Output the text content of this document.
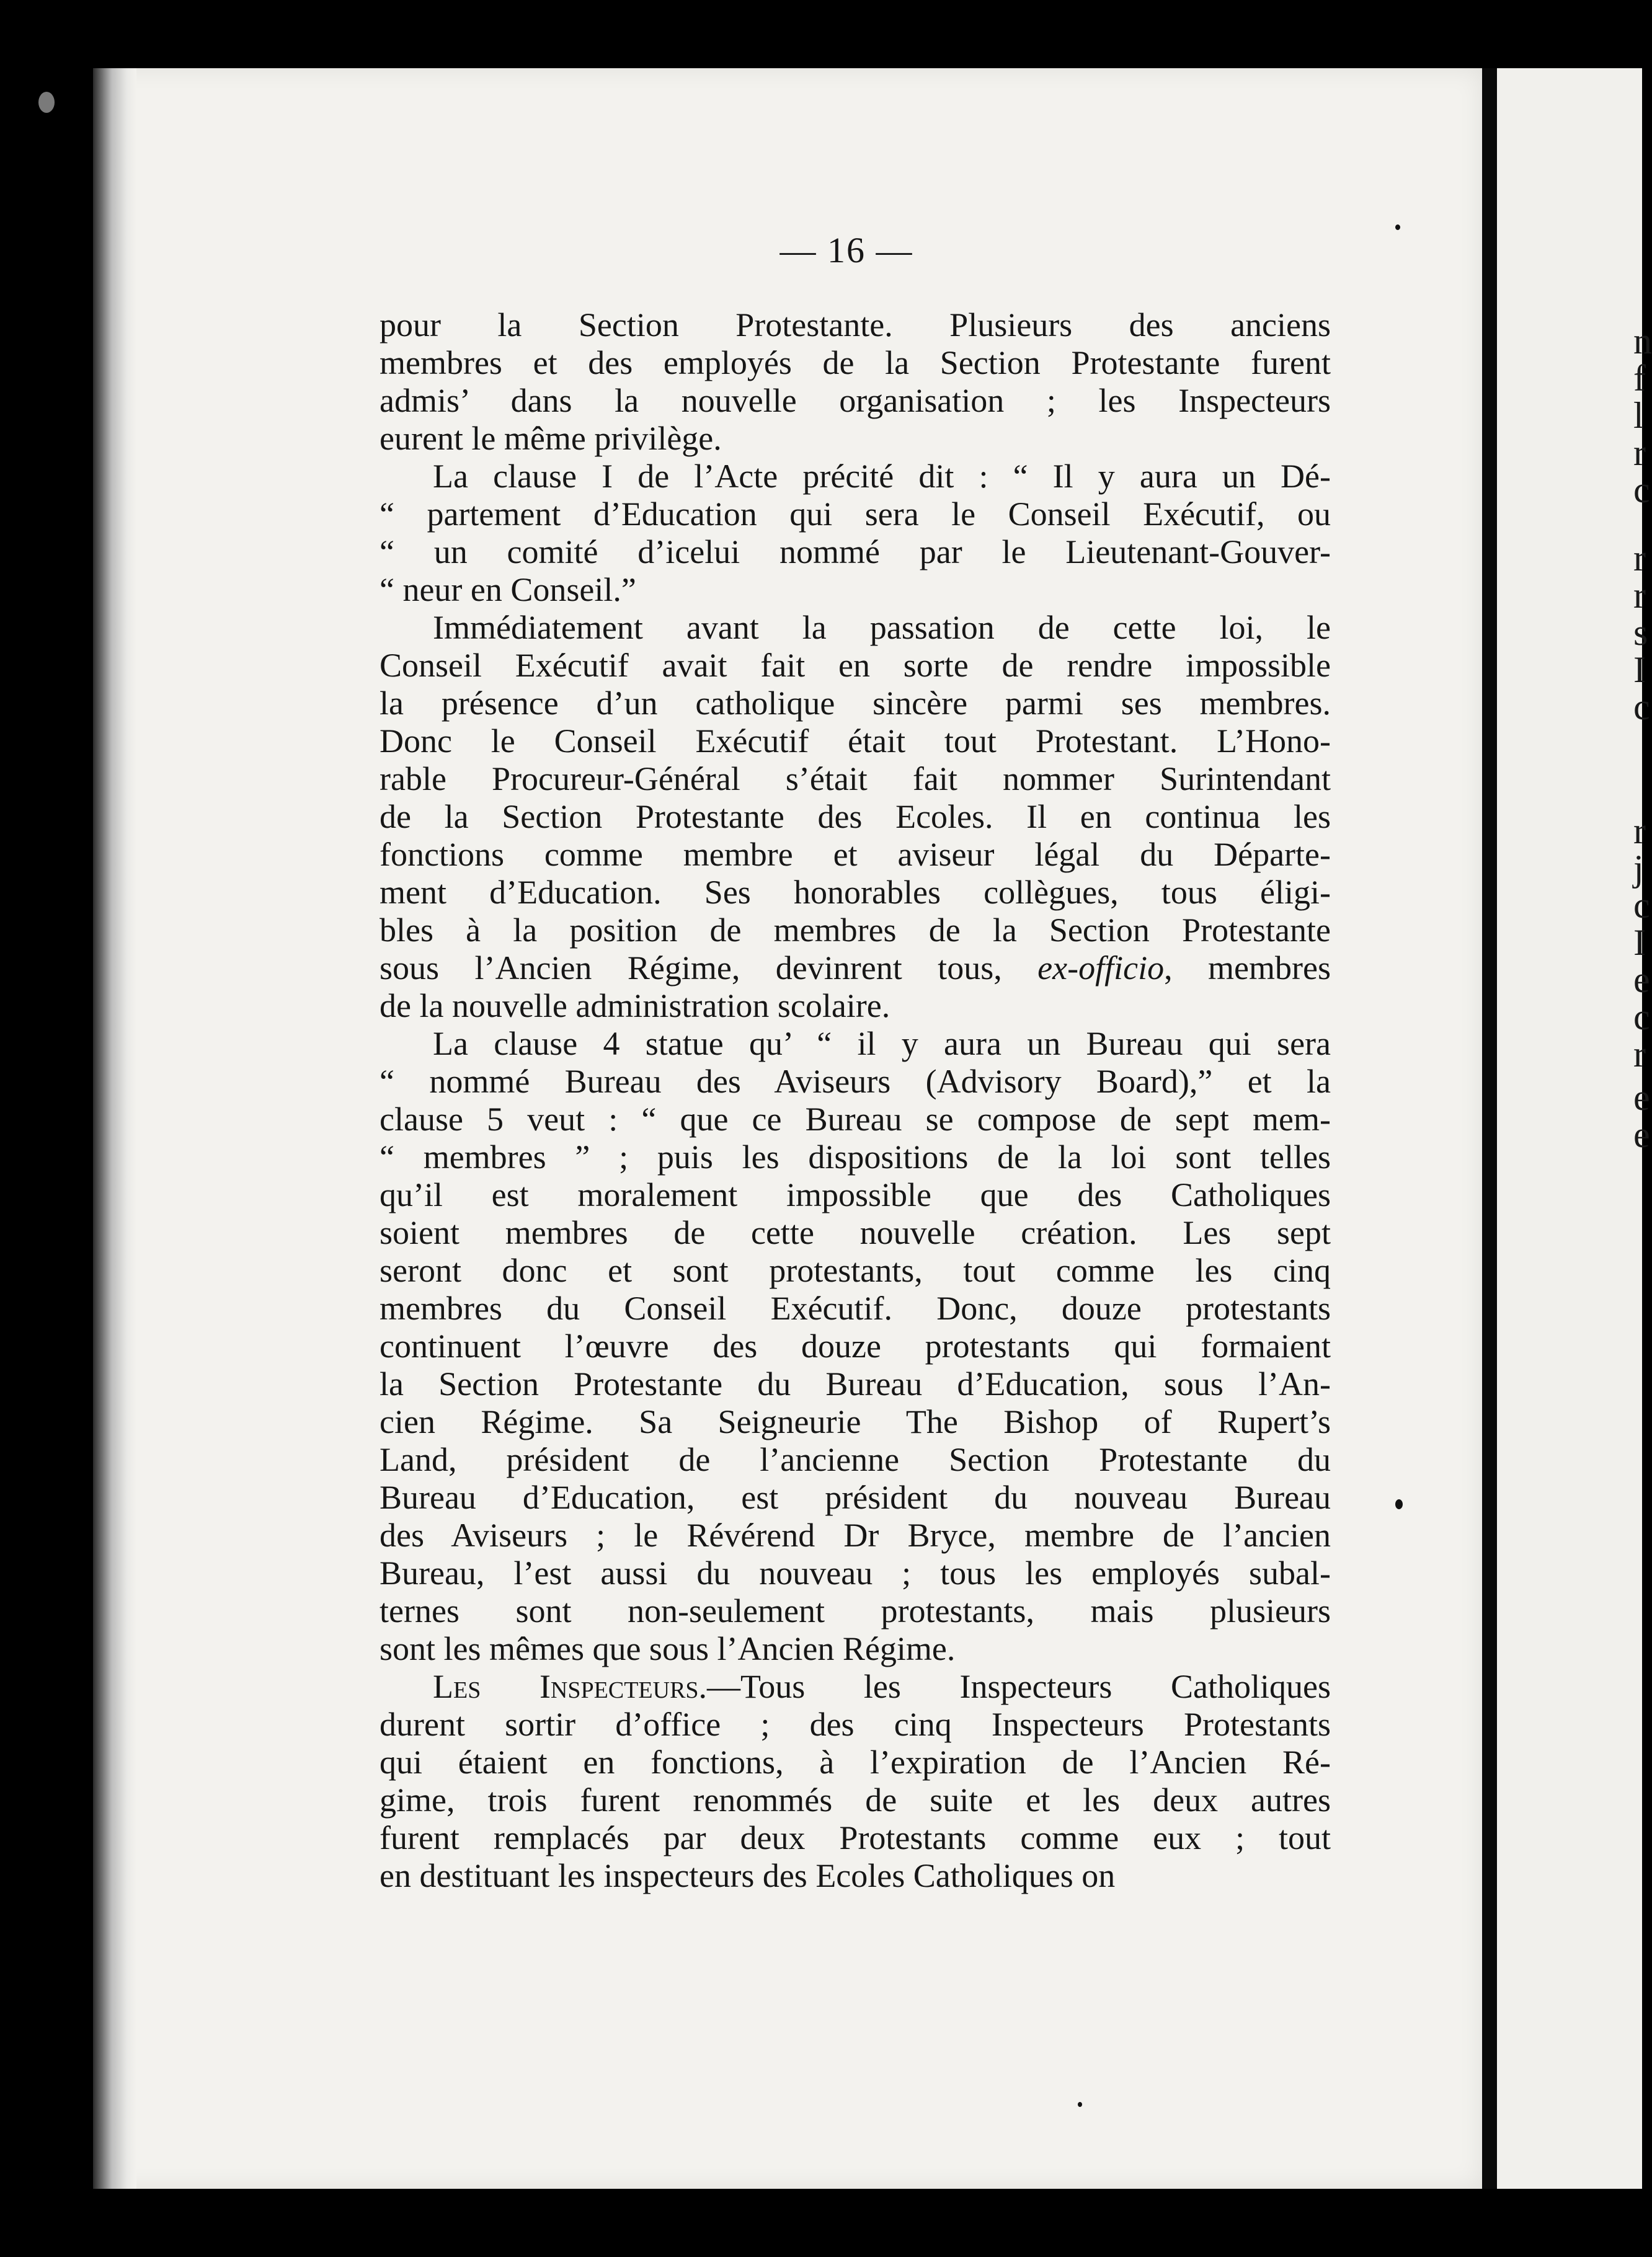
n
f
l
r
c
r
r
s
I
c
r
j
c
I
e
c
r
e
e
— 16 —
pour la Section Protestante. Plusieurs des anciens
membres et des employés de la Section Protestante furent
admis’ dans la nouvelle organisation ; les Inspecteurs
eurent le même privilège.
La clause I de l’Acte précité dit : “ Il y aura un Dé-
“ partement d’Education qui sera le Conseil Exécutif, ou
“ un comité d’icelui nommé par le Lieutenant-Gouver-
“ neur en Conseil.”
Immédiatement avant la passation de cette loi, le
Conseil Exécutif avait fait en sorte de rendre impossible
la présence d’un catholique sincère parmi ses membres.
Donc le Conseil Exécutif était tout Protestant. L’Hono-
rable Procureur-Général s’était fait nommer Surintendant
de la Section Protestante des Ecoles. Il en continua les
fonctions comme membre et aviseur légal du Départe-
ment d’Education. Ses honorables collègues, tous éligi-
bles à la position de membres de la Section Protestante
sous l’Ancien Régime, devinrent tous, ex-officio, membres
de la nouvelle administration scolaire.
La clause 4 statue qu’ “ il y aura un Bureau qui sera
“ nommé Bureau des Aviseurs (Advisory Board),” et la
clause 5 veut : “ que ce Bureau se compose de sept mem-
“ membres ” ; puis les dispositions de la loi sont telles
qu’il est moralement impossible que des Catholiques
soient membres de cette nouvelle création. Les sept
seront donc et sont protestants, tout comme les cinq
membres du Conseil Exécutif. Donc, douze protestants
continuent l’œuvre des douze protestants qui formaient
la Section Protestante du Bureau d’Education, sous l’An-
cien Régime. Sa Seigneurie The Bishop of Rupert’s
Land, président de l’ancienne Section Protestante du
Bureau d’Education, est président du nouveau Bureau
des Aviseurs ; le Révérend Dr Bryce, membre de l’ancien
Bureau, l’est aussi du nouveau ; tous les employés subal-
ternes sont non-seulement protestants, mais plusieurs
sont les mêmes que sous l’Ancien Régime.
Les Inspecteurs.—Tous les Inspecteurs Catholiques
durent sortir d’office ; des cinq Inspecteurs Protestants
qui étaient en fonctions, à l’expiration de l’Ancien Ré-
gime, trois furent renommés de suite et les deux autres
furent remplacés par deux Protestants comme eux ; tout
en destituant les inspecteurs des Ecoles Catholiques on
